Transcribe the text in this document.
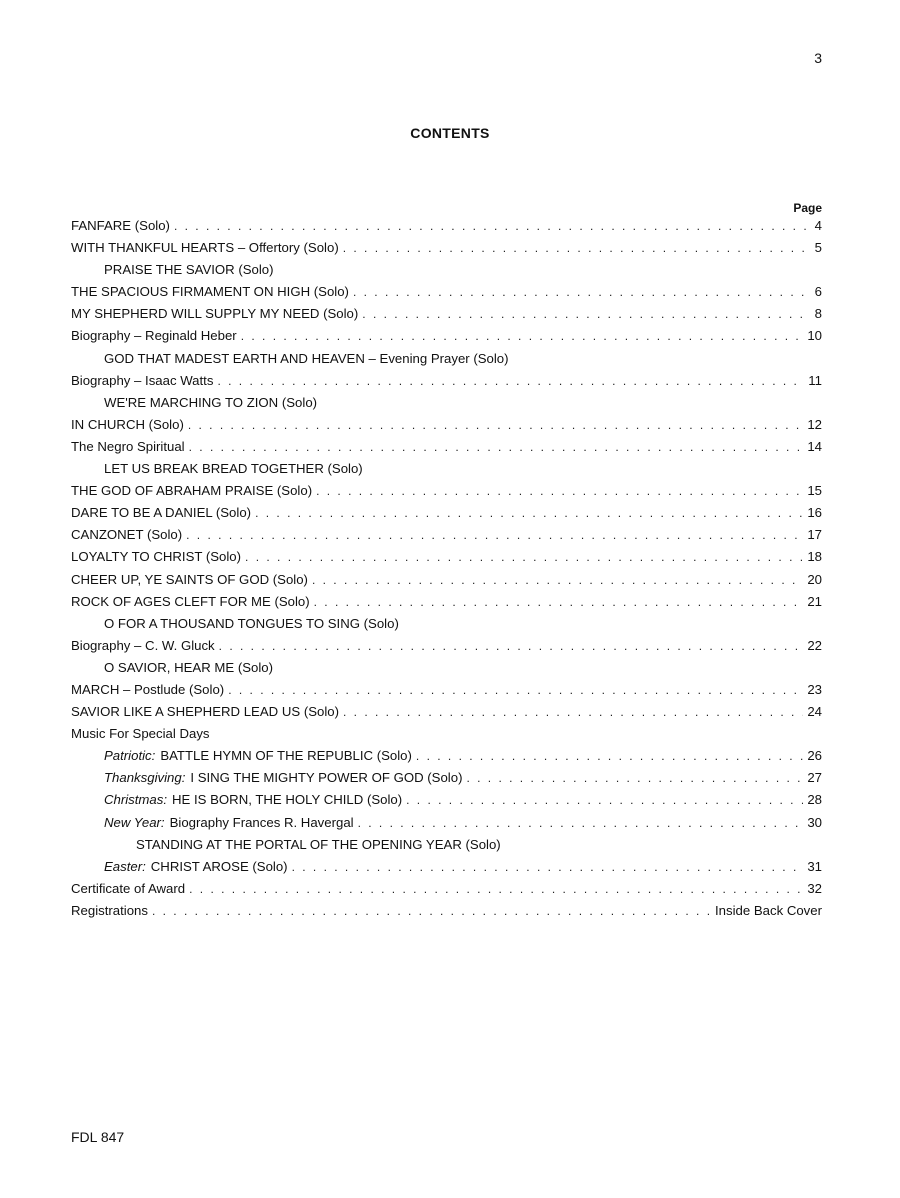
3
CONTENTS
Page
FANFARE (Solo) . . .	4
WITH THANKFUL HEARTS – Offertory (Solo) . . .	5
PRAISE THE SAVIOR (Solo)
THE SPACIOUS FIRMAMENT ON HIGH (Solo) . . .	6
MY SHEPHERD WILL SUPPLY MY NEED (Solo) . . .	8
Biography – Reginald Heber . . .	10
GOD THAT MADEST EARTH AND HEAVEN – Evening Prayer (Solo)
Biography – Isaac Watts . . .	11
WE'RE MARCHING TO ZION (Solo)
IN CHURCH (Solo) . . .	12
The Negro Spiritual . . .	14
LET US BREAK BREAD TOGETHER (Solo)
THE GOD OF ABRAHAM PRAISE (Solo) . . .	15
DARE TO BE A DANIEL (Solo) . . .	16
CANZONET (Solo) . . .	17
LOYALTY TO CHRIST (Solo) . . .	18
CHEER UP, YE SAINTS OF GOD (Solo) . . .	20
ROCK OF AGES CLEFT FOR ME (Solo) . . .	21
O FOR A THOUSAND TONGUES TO SING (Solo)
Biography – C. W. Gluck . . .	22
O SAVIOR, HEAR ME (Solo)
MARCH – Postlude (Solo) . . .	23
SAVIOR LIKE A SHEPHERD LEAD US (Solo) . . .	24
Music For Special Days
Patriotic: BATTLE HYMN OF THE REPUBLIC (Solo) . . .	26
Thanksgiving: I SING THE MIGHTY POWER OF GOD (Solo) . . .	27
Christmas: HE IS BORN, THE HOLY CHILD (Solo) . . .	28
New Year: Biography Frances R. Havergal . . .	30
STANDING AT THE PORTAL OF THE OPENING YEAR (Solo)
Easter: CHRIST AROSE (Solo) . . .	31
Certificate of Award . . .	32
Registrations . . .	Inside Back Cover
FDL 847
